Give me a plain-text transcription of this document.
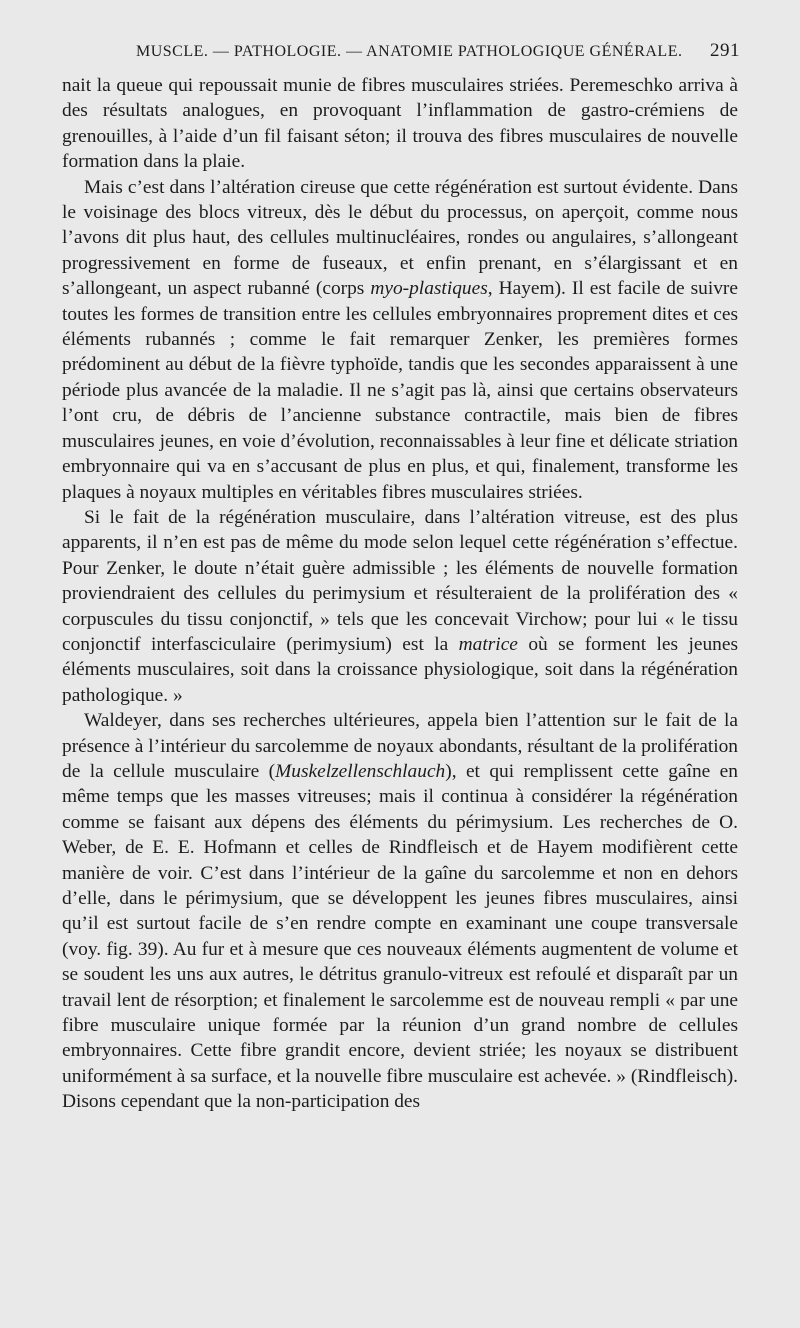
MUSCLE. — PATHOLOGIE. — ANATOMIE PATHOLOGIQUE GÉNÉRALE. 291

nait la queue qui repoussait munie de fibres musculaires striées. Peremeschko arriva à des résultats analogues, en provoquant l’inflammation de gastro-crémiens de grenouilles, à l’aide d’un fil faisant séton; il trouva des fibres musculaires de nouvelle formation dans la plaie.

Mais c’est dans l’altération cireuse que cette régénération est surtout évidente. Dans le voisinage des blocs vitreux, dès le début du processus, on aperçoit, comme nous l’avons dit plus haut, des cellules multinucléaires, rondes ou angulaires, s’allongeant progressivement en forme de fuseaux, et enfin prenant, en s’élargissant et en s’allongeant, un aspect rubanné (corps myo-plastiques, Hayem). Il est facile de suivre toutes les formes de transition entre les cellules embryonnaires proprement dites et ces éléments rubannés ; comme le fait remarquer Zenker, les premières formes prédominent au début de la fièvre typhoïde, tandis que les secondes apparaissent à une période plus avancée de la maladie. Il ne s’agit pas là, ainsi que certains observateurs l’ont cru, de débris de l’ancienne substance contractile, mais bien de fibres musculaires jeunes, en voie d’évolution, reconnaissables à leur fine et délicate striation embryonnaire qui va en s’accusant de plus en plus, et qui, finalement, transforme les plaques à noyaux multiples en véritables fibres musculaires striées.

Si le fait de la régénération musculaire, dans l’altération vitreuse, est des plus apparents, il n’en est pas de même du mode selon lequel cette régénération s’effectue. Pour Zenker, le doute n’était guère admissible ; les éléments de nouvelle formation proviendraient des cellules du perimysium et résulteraient de la prolifération des « corpuscules du tissu conjonctif, » tels que les concevait Virchow; pour lui « le tissu conjonctif interfasciculaire (perimysium) est la matrice où se forment les jeunes éléments musculaires, soit dans la croissance physiologique, soit dans la régénération pathologique. »

Waldeyer, dans ses recherches ultérieures, appela bien l’attention sur le fait de la présence à l’intérieur du sarcolemme de noyaux abondants, résultant de la prolifération de la cellule musculaire (Muskelzellenschlauch), et qui remplissent cette gaîne en même temps que les masses vitreuses; mais il continua à considérer la régénération comme se faisant aux dépens des éléments du périmysium. Les recherches de O. Weber, de E. E. Hofmann et celles de Rindfleisch et de Hayem modifièrent cette manière de voir. C’est dans l’intérieur de la gaîne du sarcolemme et non en dehors d’elle, dans le périmysium, que se développent les jeunes fibres musculaires, ainsi qu’il est surtout facile de s’en rendre compte en examinant une coupe transversale (voy. fig. 39). Au fur et à mesure que ces nouveaux éléments augmentent de volume et se soudent les uns aux autres, le détritus granulo-vitreux est refoulé et disparaît par un travail lent de résorption; et finalement le sarcolemme est de nouveau rempli « par une fibre musculaire unique formée par la réunion d’un grand nombre de cellules embryonnaires. Cette fibre grandit encore, devient striée; les noyaux se distribuent uniformément à sa surface, et la nouvelle fibre musculaire est achevée. » (Rindfleisch). Disons cependant que la non-participation des
